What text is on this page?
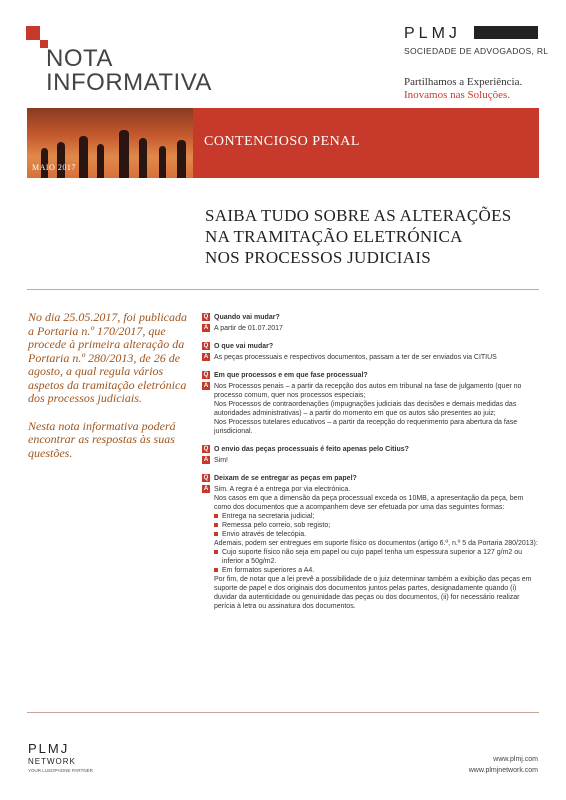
NOTA
INFORMATIVA
PLMJ
SOCIEDADE DE ADVOGADOS, RL
Partilhamos a Experiência.
Inovamos nas Soluções.
MAIO 2017
CONTENCIOSO PENAL
SAIBA TUDO SOBRE AS ALTERAÇÕES
NA TRAMITAÇÃO ELETRÓNICA
NOS PROCESSOS JUDICIAIS
No dia 25.05.2017, foi publicada a Portaria n.º 170/2017, que procede à primeira alteração da Portaria n.º 280/2013, de 26 de agosto, a qual regula vários aspetos da tramitação eletrónica dos processos judiciais.
Nesta nota informativa poderá encontrar as respostas às suas questões.
Q Quando vai mudar?
A A partir de 01.07.2017
Q O que vai mudar?
A As peças processuais e respectivos documentos, passam a ter de ser enviados via CITIUS
Q Em que processos e em que fase processual?
A Nos Processos penais – a partir da recepção dos autos em tribunal na fase de julgamento (quer no processo comum, quer nos processos especiais;
Nos Processos de contraordenações (impugnações judiciais das decisões e demais medidas das autoridades administrativas) – a partir do momento em que os autos são presentes ao juiz;
Nos Processos tutelares educativos – a partir da recepção do requerimento para abertura da fase jurisdicional.
Q O envio das peças processuais é feito apenas pelo Citius?
A Sim!
Q Deixam de se entregar as peças em papel?
A Sim. A regra é a entrega por via electrónica.
Nos casos em que a dimensão da peça processual exceda os 10MB, a apresentação da peça, bem como dos documentos que a acompanhem deve ser efetuada por uma das seguintes formas:
Entrega na secretaria judicial;
Remessa pelo correio, sob registo;
Envio através de telecópia.
Ademais, podem ser entregues em suporte físico os documentos (artigo 6.º, n.º 5 da Portaria 280/2013):
Cujo suporte físico não seja em papel ou cujo papel tenha um espessura superior a 127 g/m2 ou inferior a 50g/m2.
Em formatos superiores a A4.
Por fim, de notar que a lei prevê a possibilidade de o juiz determinar também a exibição das peças em suporte de papel e dos originais dos documentos juntos pelas partes, designadamente quando (i) duvidar da autenticidade ou genuinidade das peças ou dos documentos, (ii) for necessário realizar perícia à letra ou assinatura dos documentos.
PLMJ
NETWORK
YOUR LUSOPHONE PARTNER
www.plmj.com
www.plmjnetwork.com
